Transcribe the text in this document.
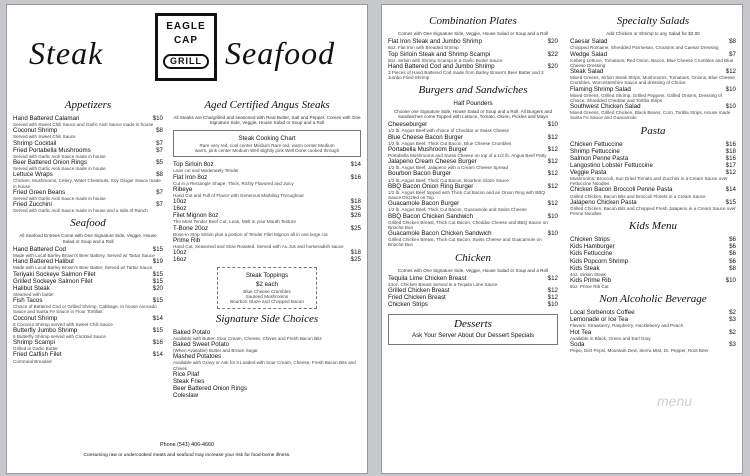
Steak
EAGLE
CAP
GRILL Seafood
Appetizers
Hand Battered Calamari	$10
Served with Sweet Chili Sauce and Garlic Aioli Sauce made in house
Coconut Shrimp	$8
Served with Sweet Chili Sauce
Shrimp Cocktail	$7
Fried Portabella Mushrooms	$7
Served with Garlic Aioli Sauce made in house
Beer Battered Onion Rings	$5
Served with Garlic Aioli Sauce made in house
Lettuce Wraps	$8
Chicken, Mushrooms, Celery, Water Chestnuts, Soy Ginger Sauce made in house
Fried Green Beans	$7
Served with Garlic Aioli Sauce made in house
Fried Zucchini	$7
Served with Garlic Aioli Sauce made in house and a side of Ranch
Seafood
All Seafood Entrees Come with One Signature Side, Veggie, House Salad or Soup and a Roll
Hand Battered Cod	$15
Made with Local Barley Brown's Beer Battery, Served w/ Tartar Sauce
Hand Battered Halibut	$19
Made with Local Barley Brown's Beer Batter, Served w/ Tartar Sauce
Teriyaki Sockeye Salmon Filet	$15
Grilled Sockeye Salmon Filet	$15
Halibut Steak	$20
Steamed with butter
Fish Tacos	$15
Choice of Battered Cod or Grilled Shrimp, Cabbage, In house Avocado Sauce and Santa Fe Sauce in Flour Tortillas
Coconut Shrimp	$14
8 Coconut Shrimp served with Sweet Chili Sauce
Butterfly Jumbo Shrimp	$15
6 Butterfly Shrimp served with Cocktail Sauce
Shrimp Scampi	$16
Grilled in Garlic Butter
Fried Catfish Filet	$14
Cornmeal Breaded
Aged Certified Angus Steaks
All Steaks are Chargrilled and seasoned with Real Butter, Salt and Pepper. Comes with One Signature Side, Veggie, House Salad or Soup and a Roll
Steak Cooking Chart
Rare very red, cool center Medium Rare red, warm center Medium
warm, pink center Medium Well slightly pink Well Done cooked through
Top Sirloin 8oz	$14
Lean cut and Moderately Tender
Flat Iron 8oz	$16
Cut in a Rectangle Shape, Thick, Richly Flavored and Juicy
Ribeye
Hand Cut and Full of Flavor with Generous Marbling Throughout
10oz	$18
16oz	$25
Filet Mignon 8oz	$26
The Most Tender Beef Cut, Lean, Melt in your Mouth Texture
T-Bone 20oz	$25
Bone-in Strip Sirloin plus a portion of Tender Filet Mignon all in one large cut
Prime Rib
Hand Cut, Seasoned and Slow Roasted. Served with Au Jus and horseradish sauce
10oz	$18
16oz	$25
Steak Toppings
$2 each
Blue Cheese Crumbles
Sauteed Mushrooms
Bourbon Glaze and Chopped Bacon
Signature Side Choices
Baked Potato
Available with Butter, Sour Cream, Cheese, Chives and Fresh Bacon Bits
Baked Sweet Potato
(When Available) Butter and Brown Sugar
Mashed Potatoes
Available with Gravy or Ask for it Loaded with Sour Cream, Cheese, Fresh Bacon Bits and Chives
Rice Pilaf
Steak Fries
Beer Battered Onion Rings
Coleslaw
Phone (541) 406-4660
Consuming raw or undercooked meats and seafood may increase your risk for food-borne illness.
Combination Plates
Comes with One Signature Side, Veggie, House Salad or Soup and a Roll
Flat Iron Steak and Jumbo Shrimp	$20
8oz. Flat Iron with Breaded Shrimp
Top Sirloin Steak and Shrimp Scampi	$22
8oz. Sirloin with Shrimp Scampi in a Garlic Butter Sauce
Hand Battered Cod and Jumbo Shrimp	$20
3 Pieces of Hand Battered Cod made from Barley Brown's Beer Batter and 3 Jumbo Fried Shrimp
Burgers and Sandwiches
Half Pounders
Choose one Signature Side, House Salad or Soup and a Roll. All Burgers and Sandwiches come Topped with Lettuce, Tomato, Onion, Pickles and Mayo
Cheeseburger	$10
1/2 lb. Angus Beef with choice of Cheddar or Swiss Cheese
Blue Cheese Bacon Burger	$12
1/2 lb. Angus Beef, Thick Cut Bacon, Blue Cheese Crumbles
Portabella Mushroom Burger	$12
Portabella Mushrooms and Swiss Cheese on top of a 1/2 lb. Angus Beef Patty
Jalapeno Cream Cheese Burger	$12
1/2 lb. Angus Beef, Jalapeno with a Cream Cheese Spread
Bourbon Bacon Burger	$12
1/2 lb. Angus Beef, Thick Cut Bacon, Bourbon Glaze Sauce
BBQ Bacon Onion Ring Burger	$12
1/2 lb. Angus Beef topped with Thick Cut Bacon and an Onion Ring with BBQ Sauce Drizzled on Top
Guacamole Bacon Burger	$12
1/2 lb. Angus Beef, Thick Cut Bacon, Guacamole and Swiss Cheese
BBQ Bacon Chicken Sandwich	$10
Grilled Chicken Breast, Thick Cut Bacon, Cheddar Cheese and BBQ Sauce on Brioche Bun
Guacamole Bacon Chicken Sandwich	$10
Grilled Chicken Breast, Thick Cut Bacon, Swiss Cheese and Guacamole on Brioche Bun
Chicken
Comes with One Signature Side, Veggie, House Salad or Soup and a Roll
Tequila Lime Chicken Breast	$12
24oz. Chicken Breast Served in a Tequila Lime Sauce
Grilled Chicken Breast	$12
Fried Chicken Breast	$12
Chicken Strips	$10
Desserts
Ask Your Server About Our Dessert Specials
Specialty Salads
Add Chicken or Shrimp to any Salad for $2.00
Caesar Salad	$8
Chopped Romaine, Shredded Parmesan, Croutons and Caesar Dressing
Wedge Salad	$7
Iceberg Lettuce, Tomatoes, Red Onion, Bacon, Blue Cheese Crumbles and Blue Cheese Dressing
Steak Salad	$12
Mixed Greens, Sirloin Steak Strips, Mushrooms, Tomatoes, Onions, Blue Cheese Crumbles, Worcestershire Sauce and dressing of Choice
Flaming Shrimp Salad	$10
Mixed Greens, Grilled Shrimp, Grilled Peppers, Grilled Onions, Dressing of Choice, Shredded Cheddar and Tortilla Strips
Southwest Chicken Salad	$10
Mixed Greens, Grilled Chicken, Black Beans, Corn, Tortilla Strips, House made Santa Fe Sauce and Guacamole
Pasta
Chicken Fettuccine	$16
Shrimp Fettuccine	$18
Salmon Penne Pasta	$16
Langostino Lobster Fettuccine	$17
Veggie Pasta	$12
Mushrooms, Broccoli, Sun Dried Tomato and Zucchini in a Cream Sauce over Fettuccine Noodles
Chicken Bacon Broccoli Penne Pasta	$14
Grilled Chicken, Bacon Bits and Broccoli Florets in a Cream Sauce
Jalapeno Chicken Pasta	$15
Grilled Chicken, Bacon Bits and Chopped Fresh Jalapeno in a Cream Sauce over Penne Noodles
Kids Menu
Chicken Strips	$6
Kids Hamburger	$6
Kids Fettuccine	$6
Kids Popcorn Shrimp	$6
Kids Steak	$8
4oz. Sirloin Steak
Kids Prime Rib	$10
6oz. Prime Rib Cut
Non Alcoholic Beverage
Local Sorbenots Coffee	$2
Lemonade or Ice Tea	$3
Flavors: Strawberry, Raspberry, Huckleberry and Peach
Hot Tea	$2
Available in Black, Green and Earl Gray
Soda	$3
Pepsi, Diet Pepsi, Mountain Dew, Sierra Mist, Dr. Pepper, Root Beer
menu
